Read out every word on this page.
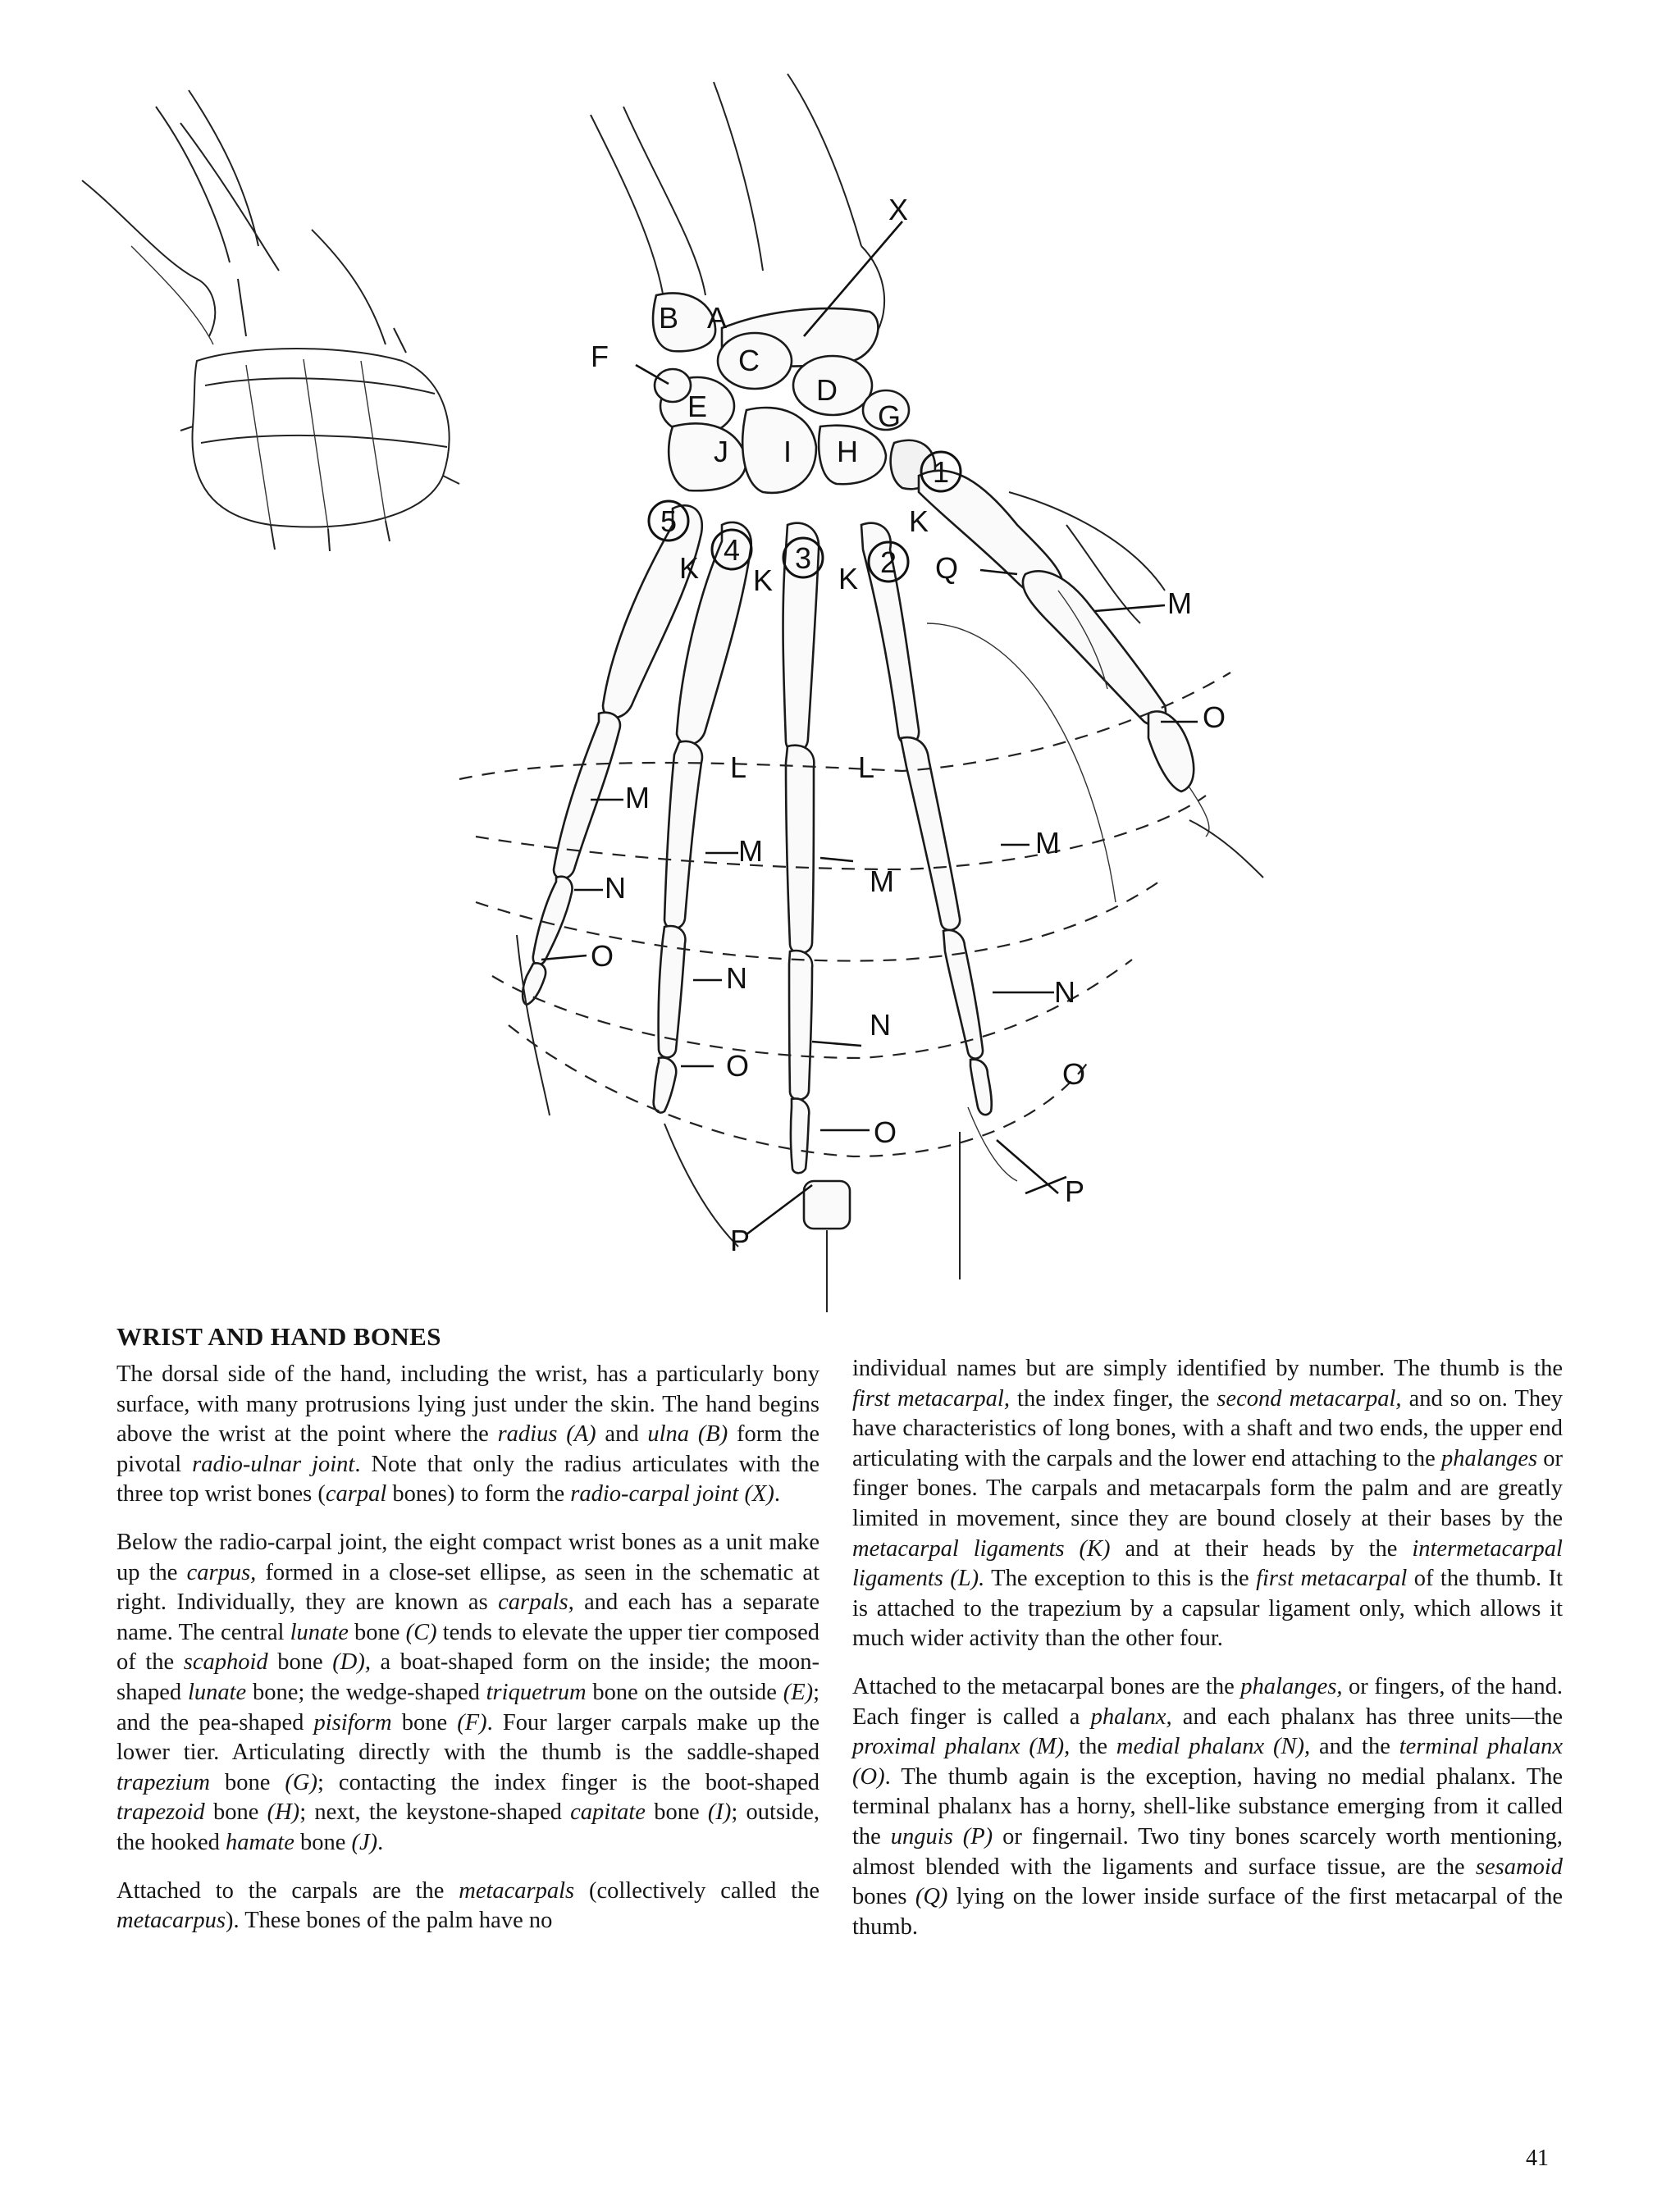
1
2
3
4
5
X
B A
C
F
E	D
G
J I H
K
Q
K K K
M
O
L	L
M
M
M
M
N
O
N	N
N
O	O
O
P
P
WRIST AND HAND BONES

The dorsal side of the hand, including the wrist, has a particularly bony surface, with many protrusions lying just under the skin. The hand begins above the wrist at the point where the radius (A) and ulna (B) form the pivotal radio-ulnar joint. Note that only the radius articulates with the three top wrist bones (carpal bones) to form the radio-carpal joint (X).

Below the radio-carpal joint, the eight compact wrist bones as a unit make up the carpus, formed in a close-set ellipse, as seen in the schematic at right. Individually, they are known as carpals, and each has a separate name. The central lunate bone (C) tends to elevate the upper tier composed of the scaphoid bone (D), a boat-shaped form on the inside; the moon-shaped lunate bone; the wedge-shaped triquetrum bone on the outside (E); and the pea-shaped pisiform bone (F). Four larger carpals make up the lower tier. Articulating directly with the thumb is the saddle-shaped trapezium bone (G); contacting the index finger is the boot-shaped trapezoid bone (H); next, the keystone-shaped capitate bone (I); outside, the hooked hamate bone (J).

Attached to the carpals are the metacarpals (collectively called the metacarpus). These bones of the palm have no

individual names but are simply identified by number. The thumb is the first metacarpal, the index finger, the second metacarpal, and so on. They have characteristics of long bones, with a shaft and two ends, the upper end articulating with the carpals and the lower end attaching to the phalanges or finger bones. The carpals and metacarpals form the palm and are greatly limited in movement, since they are bound closely at their bases by the metacarpal ligaments (K) and at their heads by the intermetacarpal ligaments (L). The exception to this is the first metacarpal of the thumb. It is attached to the trapezium by a capsular ligament only, which allows it much wider activity than the other four.

Attached to the metacarpal bones are the phalanges, or fingers, of the hand. Each finger is called a phalanx, and each phalanx has three units—the proximal phalanx (M), the medial phalanx (N), and the terminal phalanx (O). The thumb again is the exception, having no medial phalanx. The terminal phalanx has a horny, shell-like substance emerging from it called the unguis (P) or fingernail. Two tiny bones scarcely worth mentioning, almost blended with the ligaments and surface tissue, are the sesamoid bones (Q) lying on the lower inside surface of the first metacarpal of the thumb.

41
